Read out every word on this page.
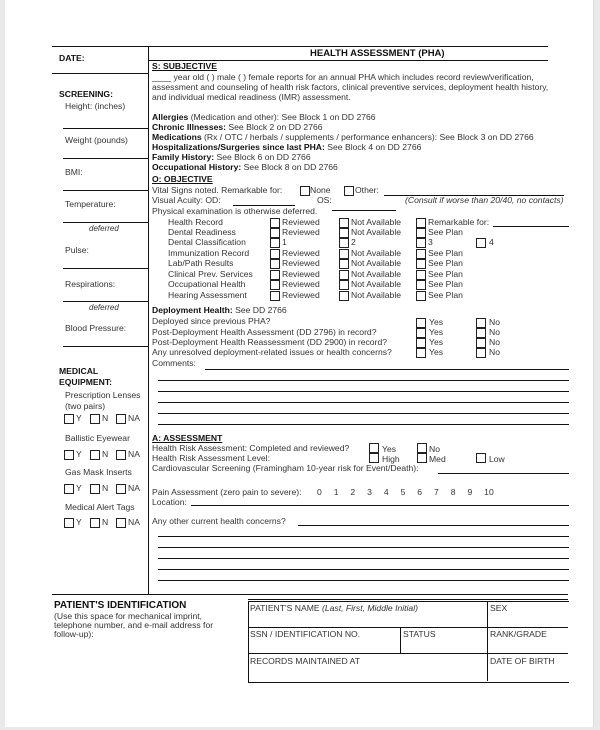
HEALTH ASSESSMENT (PHA)
DATE:
SCREENING:
Height: (inches)
Weight (pounds)
BMI:
Temperature:
deferred
Pulse:
Respirations:
deferred
Blood Pressure:
MEDICAL
EQUIPMENT:
Prescription Lenses
(two pairs)
Y N NA
Ballistic Eyewear
Y N NA
Gas Mask Inserts
Y N NA
Medical Alert Tags
Y N NA
S: SUBJECTIVE
____ year old ( ) male ( ) female reports for an annual PHA which includes record review/verification,
assessment and counseling of health risk factors, clinical preventive services, deployment health history,
and individual medical readiness (IMR) assessment.
Allergies (Medication and other): See Block 1 on DD 2766
Chronic Illnesses: See Block 2 on DD 2766
Medications (Rx / OTC / herbals / supplements / performance enhancers): See Block 3 on DD 2766
Hospitalizations/Surgeries since last PHA: See Block 4 on DD 2766
Family History: See Block 6 on DD 2766
Occupational History: See Block 8 on DD 2766
O: OBJECTIVE
Vital Signs noted. Remarkable for:	None	Other:
Visual Acuity: OD:	OS:	(Consult if worse than 20/40, no contacts)
Physical examination is otherwise deferred.
Health Record	Reviewed	Not Available	Remarkable for:
Dental Readiness	Reviewed	Not Available	See Plan
Dental Classification	1	2	3	4
Immunization Record	Reviewed	Not Available	See Plan
Lab/Path Results	Reviewed	Not Available	See Plan
Clinical Prev. Services	Reviewed	Not Available	See Plan
Occupational Health	Reviewed	Not Available	See Plan
Hearing Assessment	Reviewed	Not Available	See Plan
Deployment Health: See DD 2766
Deployed since previous PHA?	Yes	No
Post-Deployment Health Assessment (DD 2796) in record?	Yes	No
Post-Deployment Health Reassessment (DD 2900) in record?	Yes	No
Any unresolved deployment-related issues or health concerns?	Yes	No
Comments:
A: ASSESSMENT
Health Risk Assessment: Completed and reviewed?	Yes	No
Health Risk Assessment Level:	High	Med	Low
Cardiovascular Screening (Framingham 10-year risk for Event/Death):
Pain Assessment (zero pain to severe): 0     1     2     3     4     5     6     7     8     9     10
Location:
Any other current health concerns?
PATIENT'S IDENTIFICATION
(Use this space for mechanical imprint,
telephone number, and e-mail address for
follow-up):
PATIENT'S NAME (Last, First, Middle Initial)	SEX
SSN / IDENTIFICATION NO.	STATUS	RANK/GRADE
RECORDS MAINTAINED AT	DATE OF BIRTH
